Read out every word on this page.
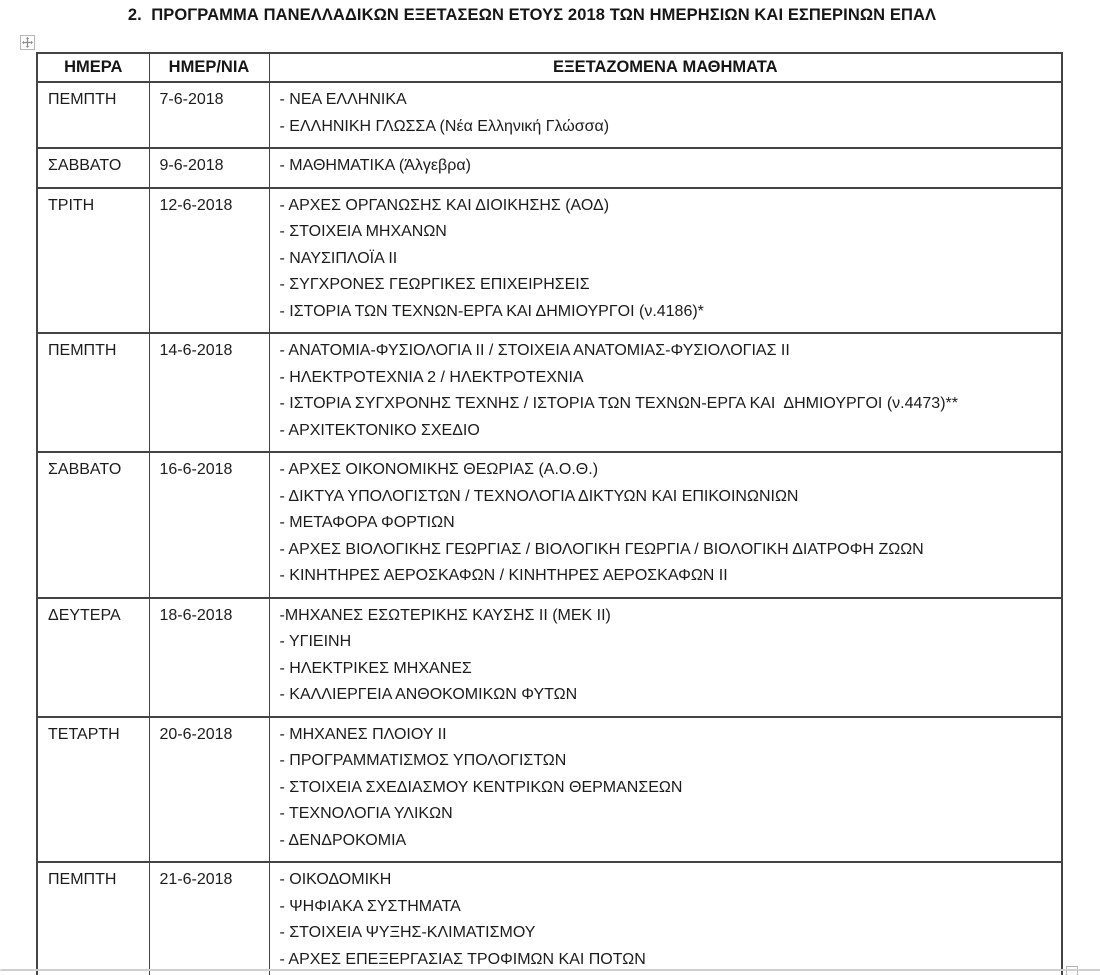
2.  ΠΡΟΓΡΑΜΜΑ ΠΑΝΕΛΛΑΔΙΚΩΝ ΕΞΕΤΑΣΕΩΝ ΕΤΟΥΣ 2018 ΤΩΝ ΗΜΕΡΗΣΙΩΝ ΚΑΙ ΕΣΠΕΡΙΝΩΝ ΕΠΑΛ
ΗΜΕΡΑ	ΗΜΕΡ/ΝΙΑ	ΕΞΕΤΑΖΟΜΕΝΑ ΜΑΘΗΜΑΤΑ
ΠΕΜΠΤΗ	7-6-2018	- ΝΕΑ ΕΛΛΗΝΙΚΑ
- ΕΛΛΗΝΙΚΗ ΓΛΩΣΣΑ (Νέα Ελληνική Γλώσσα)

ΣΑΒΒΑΤΟ	9-6-2018	- ΜΑΘΗΜΑΤΙΚΑ (Άλγεβρα)

ΤΡΙΤΗ	12-6-2018	- ΑΡΧΕΣ ΟΡΓΑΝΩΣΗΣ ΚΑΙ ΔΙΟΙΚΗΣΗΣ (ΑΟΔ)
- ΣΤΟΙΧΕΙΑ ΜΗΧΑΝΩΝ
- ΝΑΥΣΙΠΛΟΪΑ II
- ΣΥΓΧΡΟΝΕΣ ΓΕΩΡΓΙΚΕΣ ΕΠΙΧΕΙΡΗΣΕΙΣ
- ΙΣΤΟΡΙΑ ΤΩΝ ΤΕΧΝΩΝ-ΕΡΓΑ ΚΑΙ ΔΗΜΙΟΥΡΓΟΙ (ν.4186)*

ΠΕΜΠΤΗ	14-6-2018	- ΑΝΑΤΟΜΙΑ-ΦΥΣΙΟΛΟΓΙΑ II / ΣΤΟΙΧΕΙΑ ΑΝΑΤΟΜΙΑΣ-ΦΥΣΙΟΛΟΓΙΑΣ II
- ΗΛΕΚΤΡΟΤΕΧΝΙΑ 2 / ΗΛΕΚΤΡΟΤΕΧΝΙΑ
- ΙΣΤΟΡΙΑ ΣΥΓΧΡΟΝΗΣ ΤΕΧΝΗΣ / ΙΣΤΟΡΙΑ ΤΩΝ ΤΕΧΝΩΝ-ΕΡΓΑ ΚΑΙ  ΔΗΜΙΟΥΡΓΟΙ (ν.4473)**
- ΑΡΧΙΤΕΚΤΟΝΙΚΟ ΣΧΕΔΙΟ

ΣΑΒΒΑΤΟ	16-6-2018	- ΑΡΧΕΣ ΟΙΚΟΝΟΜΙΚΗΣ ΘΕΩΡΙΑΣ (Α.Ο.Θ.)
- ΔΙΚΤΥΑ ΥΠΟΛΟΓΙΣΤΩΝ / ΤΕΧΝΟΛΟΓΙΑ ΔΙΚΤΥΩΝ ΚΑΙ ΕΠΙΚΟΙΝΩΝΙΩΝ
- ΜΕΤΑΦΟΡΑ ΦΟΡΤΙΩΝ
- ΑΡΧΕΣ ΒΙΟΛΟΓΙΚΗΣ ΓΕΩΡΓΙΑΣ / ΒΙΟΛΟΓΙΚΗ ΓΕΩΡΓΙΑ / ΒΙΟΛΟΓΙΚΗ ΔΙΑΤΡΟΦΗ ΖΩΩΝ
- ΚΙΝΗΤΗΡΕΣ ΑΕΡΟΣΚΑΦΩΝ / ΚΙΝΗΤΗΡΕΣ ΑΕΡΟΣΚΑΦΩΝ II

ΔΕΥΤΕΡΑ	18-6-2018	-ΜΗΧΑΝΕΣ ΕΣΩΤΕΡΙΚΗΣ ΚΑΥΣΗΣ II (ΜΕΚ II)
- ΥΓΙΕΙΝΗ
- ΗΛΕΚΤΡΙΚΕΣ ΜΗΧΑΝΕΣ
- ΚΑΛΛΙΕΡΓΕΙΑ ΑΝΘΟΚΟΜΙΚΩΝ ΦΥΤΩΝ

ΤΕΤΑΡΤΗ	20-6-2018	- ΜΗΧΑΝΕΣ ΠΛΟΙΟΥ II
- ΠΡΟΓΡΑΜΜΑΤΙΣΜΟΣ ΥΠΟΛΟΓΙΣΤΩΝ
- ΣΤΟΙΧΕΙΑ ΣΧΕΔΙΑΣΜΟΥ ΚΕΝΤΡΙΚΩΝ ΘΕΡΜΑΝΣΕΩΝ
- ΤΕΧΝΟΛΟΓΙΑ ΥΛΙΚΩΝ
- ΔΕΝΔΡΟΚΟΜΙΑ

ΠΕΜΠΤΗ	21-6-2018	- ΟΙΚΟΔΟΜΙΚΗ
- ΨΗΦΙΑΚΑ ΣΥΣΤΗΜΑΤΑ
- ΣΤΟΙΧΕΙΑ ΨΥΞΗΣ-ΚΛΙΜΑΤΙΣΜΟΥ
- ΑΡΧΕΣ ΕΠΕΞΕΡΓΑΣΙΑΣ ΤΡΟΦΙΜΩΝ ΚΑΙ ΠΟΤΩΝ
